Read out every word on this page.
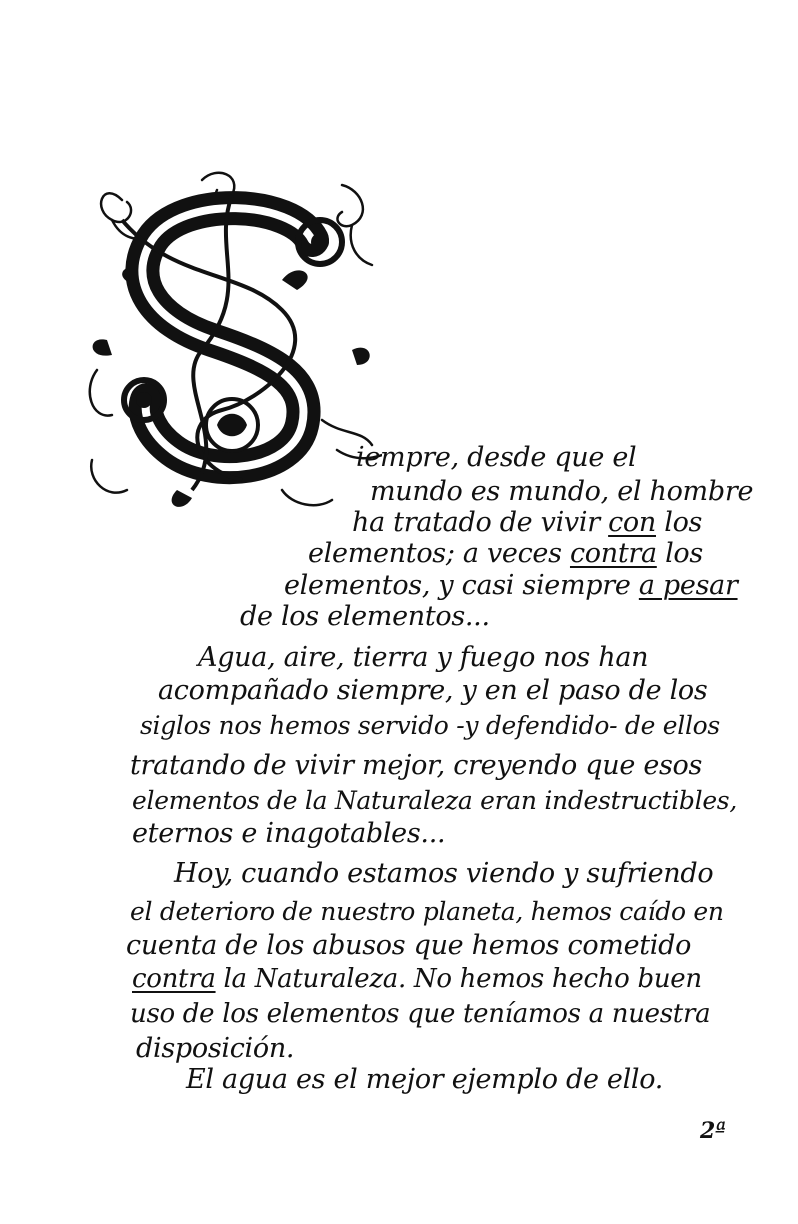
iempre, desde que el
mundo es mundo, el hombre
ha tratado de vivir con los
elementos; a veces contra los
elementos, y casi siempre a pesar
de los elementos...
Agua, aire, tierra y fuego nos han
acompañado siempre, y en el paso de los
siglos nos hemos servido -y defendido- de ellos
tratando de vivir mejor, creyendo que esos
elementos de la Naturaleza eran indestructibles,
eternos e inagotables...
Hoy, cuando estamos viendo y sufriendo
el deterioro de nuestro planeta, hemos caído en
cuenta de los abusos que hemos cometido
contra la Naturaleza. No hemos hecho buen
uso de los elementos que teníamos a nuestra
disposición.
El agua es el mejor ejemplo de ello.
2ª
